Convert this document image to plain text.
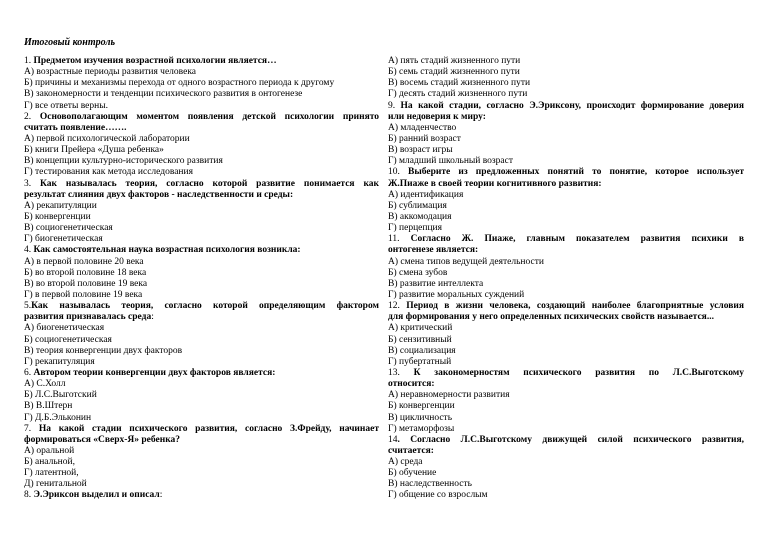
Итоговый контроль
1. Предметом изучения возрастной психологии является…
А) возрастные периоды развития человека
Б) причины и механизмы перехода от одного возрастного периода к другому
В) закономерности и тенденции психического развития в онтогенезе
Г) все ответы верны.
2. Основополагающим моментом появления детской психологии принято
считать появление…….
А) первой психологической лаборатории
Б) книги Прейера «Душа ребенка»
В) концепции культурно-исторического развития
Г) тестирования как метода исследования
3. Как называлась теория, согласно которой развитие понимается как
результат слияния двух факторов - наследственности и среды:
А) рекапитуляции
Б) конвергенции
В) социогенетическая
Г) биогенетическая
4. Как самостоятельная наука возрастная психология возникла:
А) в первой половине 20 века
Б) во второй половине 18 века
В) во второй половине 19 века
Г) в первой половине 19 века
5.Как называлась теория, согласно которой определяющим фактором
развития признавалась среда:
А) биогенетическая
Б) социогенетическая
В) теория конвергенции двух факторов
Г) рекапитуляция
6. Автором теории конвергенции двух факторов является:
А) С.Холл
Б) Л.С.Выготский
В) В.Штерн
Г) Д.Б.Эльконин
7. На какой стадии психического развития, согласно З.Фрейду, начинает
формироваться «Сверх-Я» ребенка?
А) оральной
Б) анальной,
Г) латентной,
Д) генитальной
8. Э.Эриксон выделил и описал:
А) пять стадий жизненного пути
Б) семь стадий жизненного пути
В) восемь стадий жизненного пути
Г) десять стадий жизненного пути
9. На какой стадии, согласно Э.Эриксону, происходит формирование доверия
или недоверия к миру:
А) младенчество
Б) ранний возраст
В) возраст игры
Г) младший школьный возраст
10. Выберите из предложенных понятий то понятие, которое использует
Ж.Пиаже в своей теории когнитивного развития:
А) идентификация
Б) сублимация
В) аккомодация
Г) перцепция
11. Согласно Ж. Пиаже, главным показателем развития психики в
онтогенезе является:
А) смена типов ведущей деятельности
Б) смена зубов
В) развитие интеллекта
Г) развитие моральных суждений
12. Период в жизни человека, создающий наиболее благоприятные условия
для формирования у него определенных психических свойств называется...
А) критический
Б) сензитивный
В) социализация
Г) пубертатный
13. К закономерностям психического развития по Л.С.Выготскому
относится:
А) неравномерности развития
Б) конвергенции
В) цикличность
Г) метаморфозы
14. Согласно Л.С.Выготскому движущей силой психического развития,
считается:
А) среда
Б) обучение
В) наследственность
Г) общение со взрослым
